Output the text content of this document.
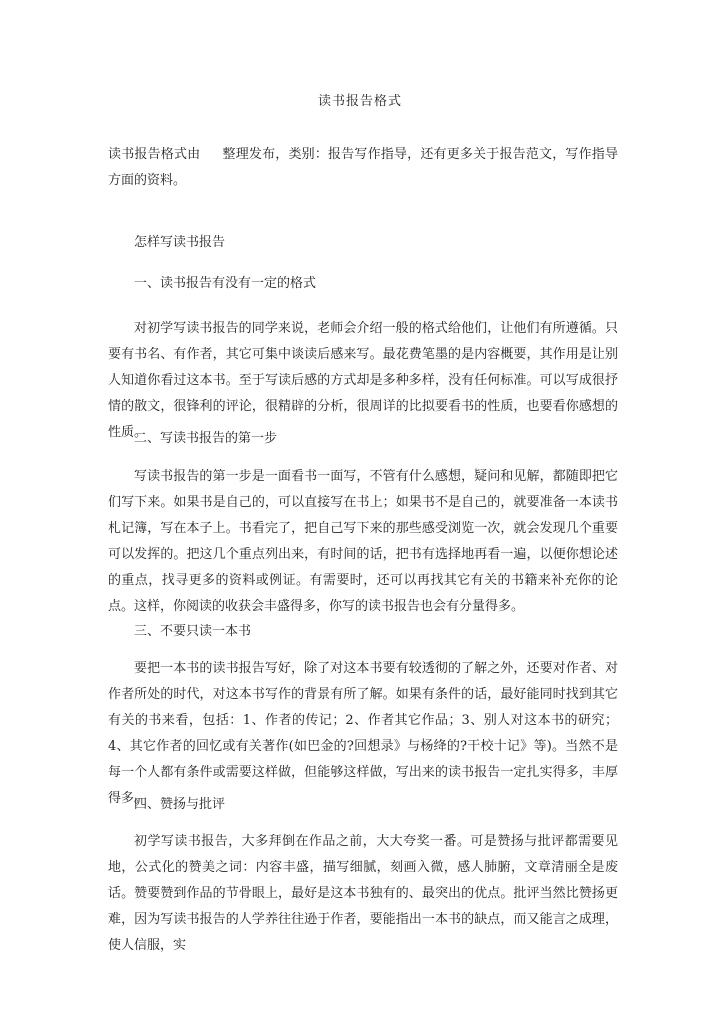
读书报告格式
读书报告格式由 整理发布，类别：报告写作指导，还有更多关于报告范文，写作指导方面的资料。
怎样写读书报告
一、读书报告有没有一定的格式
对初学写读书报告的同学来说，老师会介绍一般的格式给他们，让他们有所遵循。只要有书名、有作者，其它可集中谈读后感来写。最花费笔墨的是内容概要，其作用是让别人知道你看过这本书。至于写读后感的方式却是多种多样，没有任何标准。可以写成很抒情的散文，很锋利的评论，很精辟的分析，很周详的比拟要看书的性质，也要看你感想的性质。
二、写读书报告的第一步
写读书报告的第一步是一面看书一面写，不管有什么感想，疑问和见解，都随即把它们写下来。如果书是自己的，可以直接写在书上；如果书不是自己的，就要准备一本读书札记簿，写在本子上。书看完了，把自己写下来的那些感受浏览一次，就会发现几个重要可以发挥的。把这几个重点列出来，有时间的话，把书有选择地再看一遍，以便你想论述的重点，找寻更多的资料或例证。有需要时，还可以再找其它有关的书籍来补充你的论点。这样，你阅读的收获会丰盛得多，你写的读书报告也会有分量得多。
三、不要只读一本书
要把一本书的读书报告写好，除了对这本书要有较透彻的了解之外，还要对作者、对作者所处的时代，对这本书写作的背景有所了解。如果有条件的话，最好能同时找到其它有关的书来看，包括：1、作者的传记；2、作者其它作品；3、别人对这本书的研究；4、其它作者的回忆或有关著作(如巴金的?回想录》与杨绛的?干校十记》等)。当然不是每一个人都有条件或需要这样做，但能够这样做，写出来的读书报告一定扎实得多，丰厚得多。
四、赞扬与批评
初学写读书报告，大多拜倒在作品之前，大大夸奖一番。可是赞扬与批评都需要见地，公式化的赞美之词：内容丰盛，描写细腻，刻画入微，感人肺腑，文章清丽全是废话。赞要赞到作品的节骨眼上，最好是这本书独有的、最突出的优点。批评当然比赞扬更难，因为写读书报告的人学养往往逊于作者，要能指出一本书的缺点，而又能言之成理，使人信服，实
